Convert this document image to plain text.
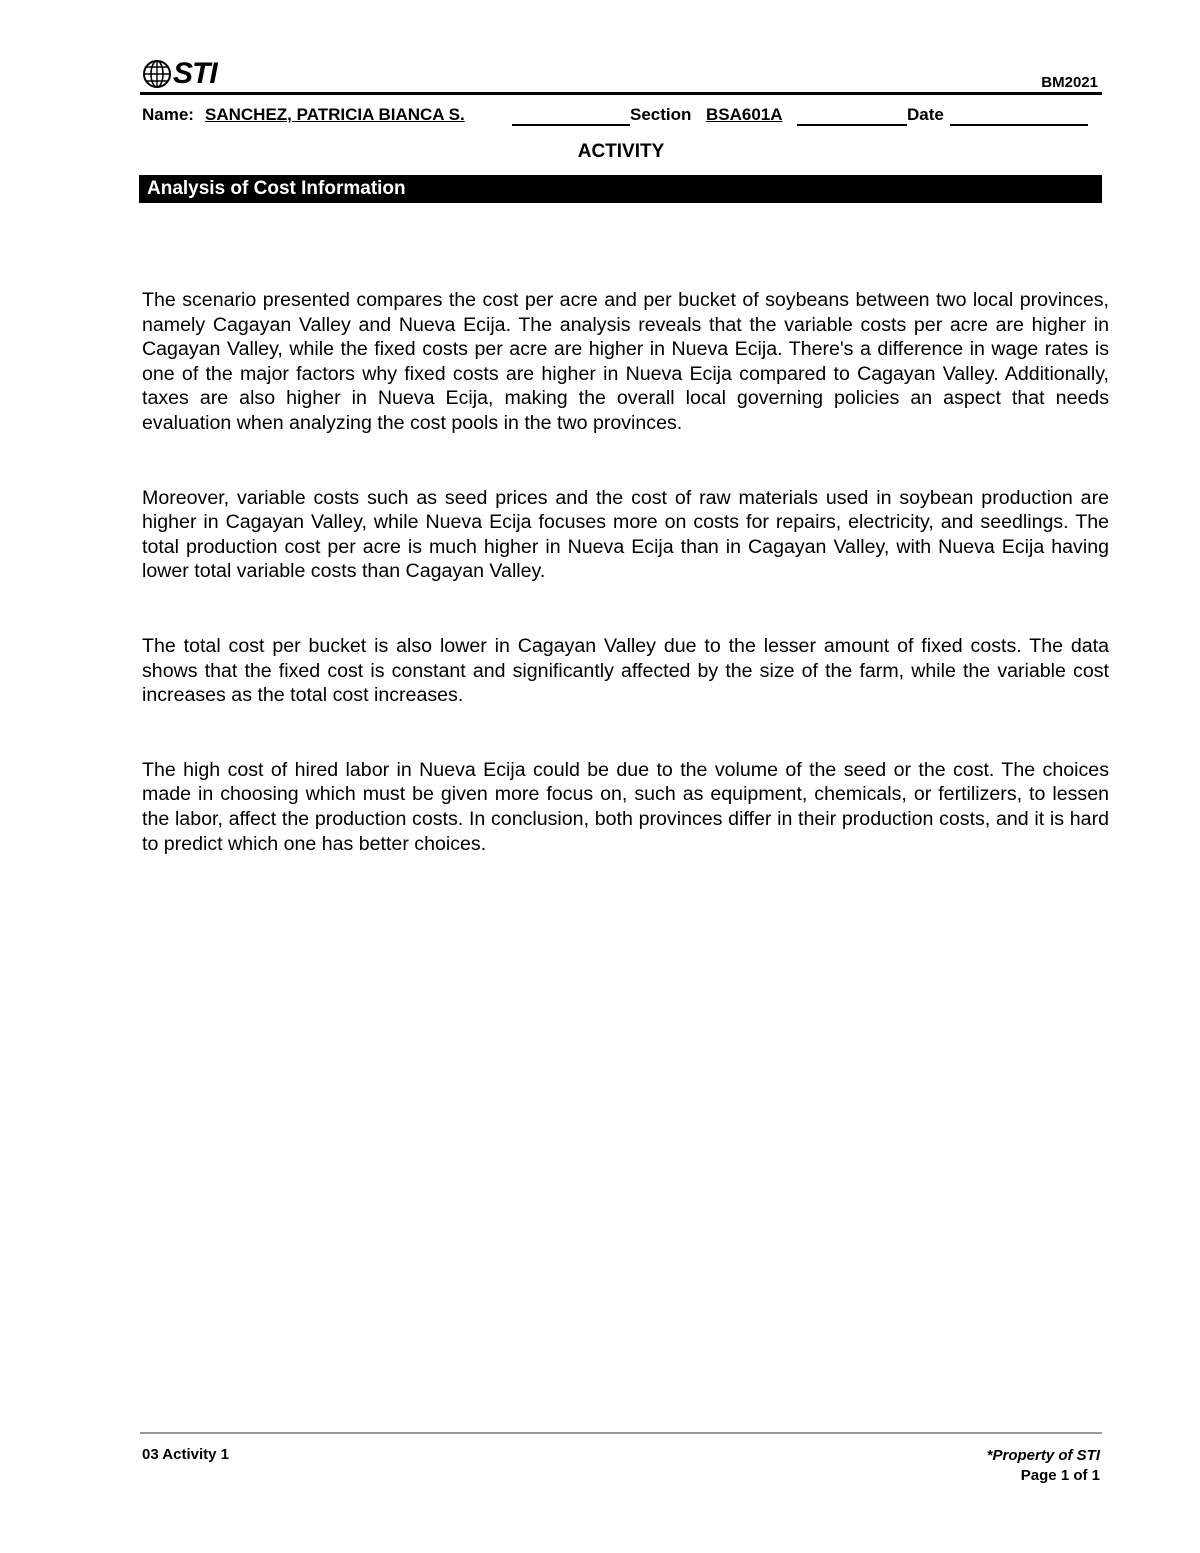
STI	BM2021
Name: SANCHEZ, PATRICIA BIANCA S.	Section BSA601A	Date
ACTIVITY
Analysis of Cost Information

The scenario presented compares the cost per acre and per bucket of soybeans between two local provinces, namely Cagayan Valley and Nueva Ecija. The analysis reveals that the variable costs per acre are higher in Cagayan Valley, while the fixed costs per acre are higher in Nueva Ecija. There's a difference in wage rates is one of the major factors why fixed costs are higher in Nueva Ecija compared to Cagayan Valley. Additionally, taxes are also higher in Nueva Ecija, making the overall local governing policies an aspect that needs evaluation when analyzing the cost pools in the two provinces.

Moreover, variable costs such as seed prices and the cost of raw materials used in soybean production are higher in Cagayan Valley, while Nueva Ecija focuses more on costs for repairs, electricity, and seedlings. The total production cost per acre is much higher in Nueva Ecija than in Cagayan Valley, with Nueva Ecija having lower total variable costs than Cagayan Valley.

The total cost per bucket is also lower in Cagayan Valley due to the lesser amount of fixed costs. The data shows that the fixed cost is constant and significantly affected by the size of the farm, while the variable cost increases as the total cost increases.

The high cost of hired labor in Nueva Ecija could be due to the volume of the seed or the cost. The choices made in choosing which must be given more focus on, such as equipment, chemicals, or fertilizers, to lessen the labor, affect the production costs. In conclusion, both provinces differ in their production costs, and it is hard to predict which one has better choices.

03 Activity 1	*Property of STI
Page 1 of 1
